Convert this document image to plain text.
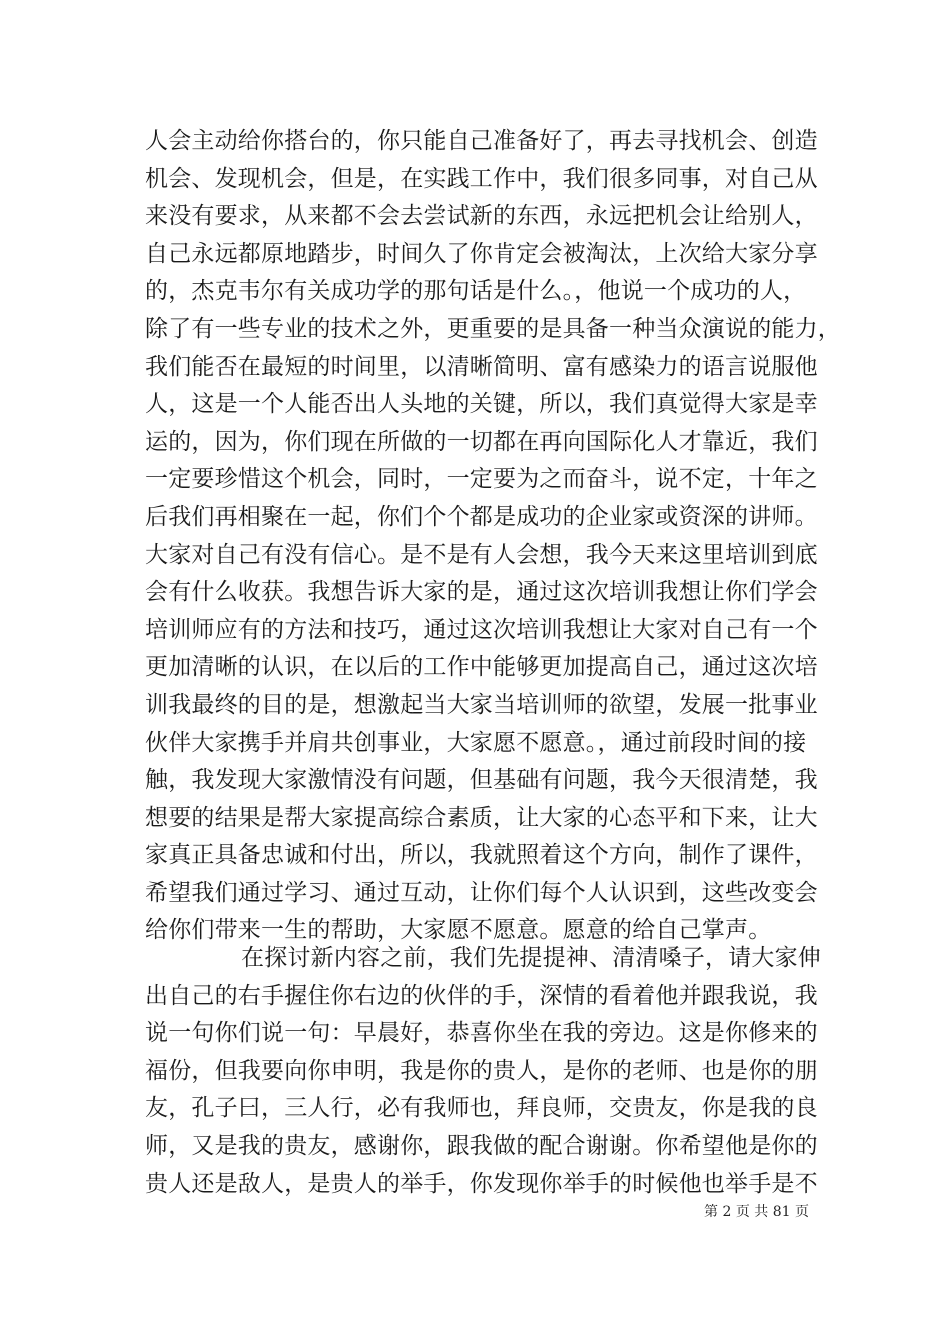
人会主动给你搭台的，你只能自己准备好了，再去寻找机会、创造
机会、发现机会，但是，在实践工作中，我们很多同事，对自己从
来没有要求，从来都不会去尝试新的东西，永远把机会让给别人，
自己永远都原地踏步，时间久了你肯定会被淘汰，上次给大家分享
的，杰克韦尔有关成功学的那句话是什么。，他说一个成功的人，
除了有一些专业的技术之外，更重要的是具备一种当众演说的能力，
我们能否在最短的时间里，以清晰简明、富有感染力的语言说服他
人，这是一个人能否出人头地的关键，所以，我们真觉得大家是幸
运的，因为，你们现在所做的一切都在再向国际化人才靠近，我们
一定要珍惜这个机会，同时，一定要为之而奋斗，说不定，十年之
后我们再相聚在一起，你们个个都是成功的企业家或资深的讲师。
大家对自己有没有信心。是不是有人会想，我今天来这里培训到底
会有什么收获。我想告诉大家的是，通过这次培训我想让你们学会
培训师应有的方法和技巧，通过这次培训我想让大家对自己有一个
更加清晰的认识，在以后的工作中能够更加提高自己，通过这次培
训我最终的目的是，想激起当大家当培训师的欲望，发展一批事业
伙伴大家携手并肩共创事业，大家愿不愿意。，通过前段时间的接
触，我发现大家激情没有问题，但基础有问题，我今天很清楚，我
想要的结果是帮大家提高综合素质，让大家的心态平和下来，让大
家真正具备忠诚和付出，所以，我就照着这个方向，制作了课件，
希望我们通过学习、通过互动，让你们每个人认识到，这些改变会
给你们带来一生的帮助，大家愿不愿意。愿意的给自己掌声。
在探讨新内容之前，我们先提提神、清清嗓子，请大家伸
出自己的右手握住你右边的伙伴的手，深情的看着他并跟我说，我
说一句你们说一句：早晨好，恭喜你坐在我的旁边。这是你修来的
福份，但我要向你申明，我是你的贵人，是你的老师、也是你的朋
友，孔子曰，三人行，必有我师也，拜良师，交贵友，你是我的良
师，又是我的贵友，感谢你，跟我做的配合谢谢。你希望他是你的
贵人还是敌人，是贵人的举手，你发现你举手的时候他也举手是不
第 2 页 共 81 页
